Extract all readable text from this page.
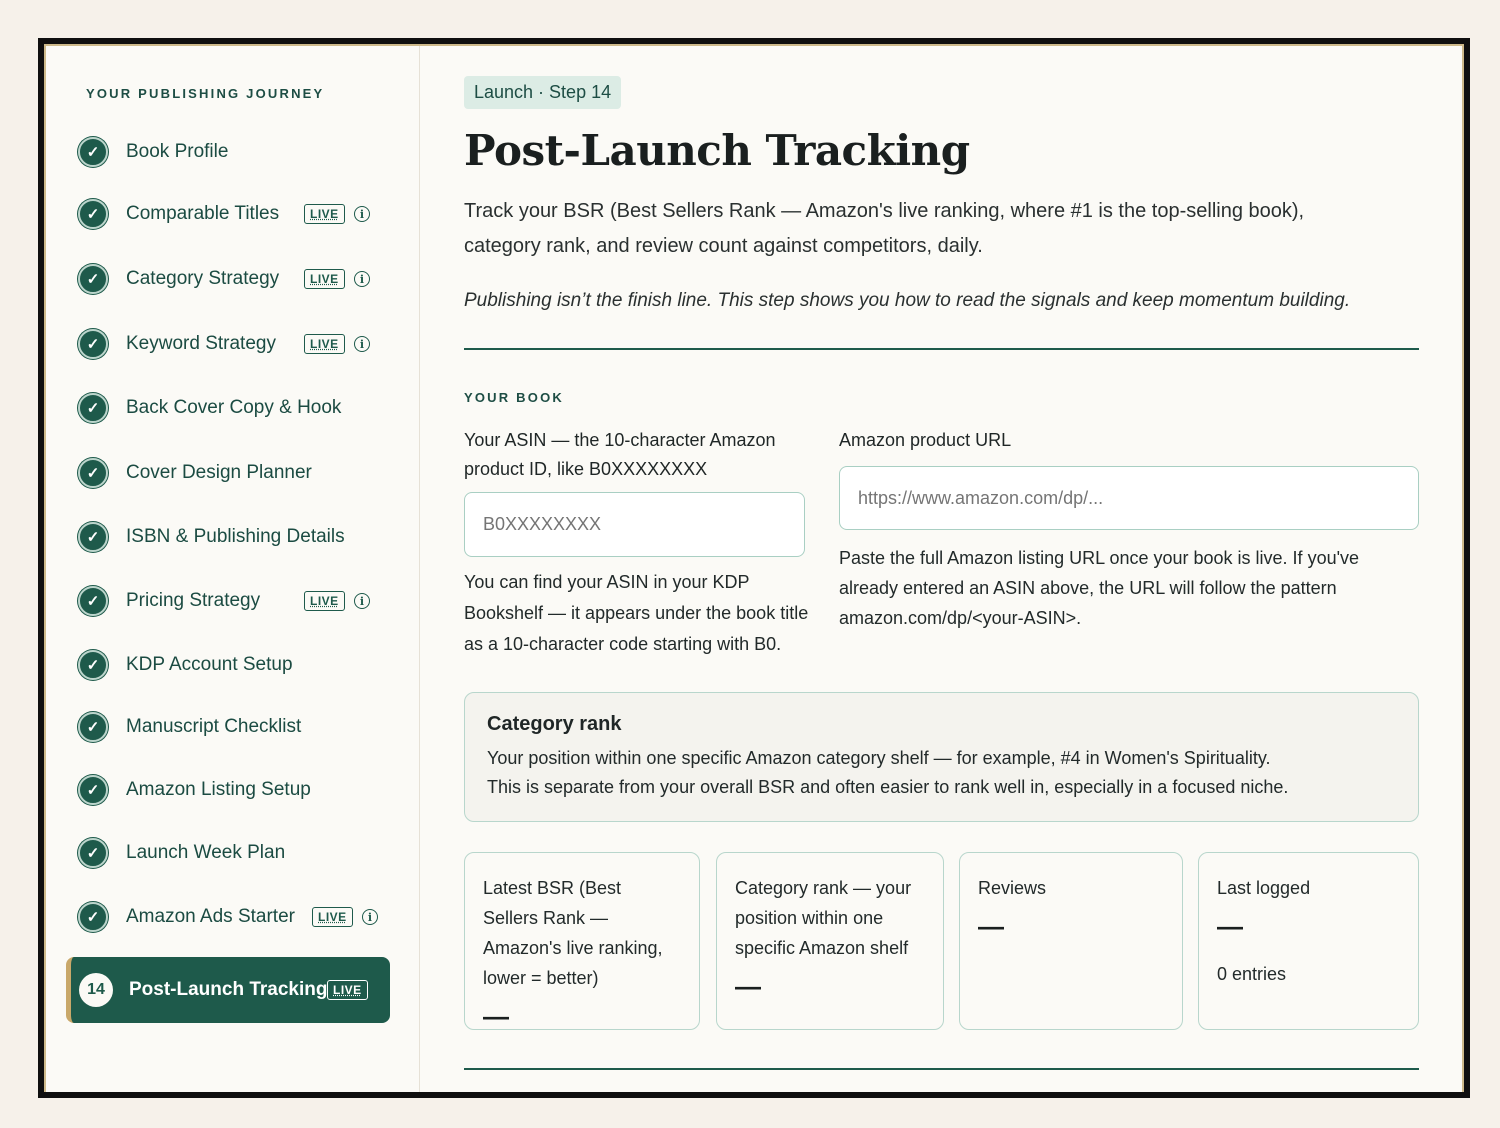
YOUR PUBLISHING JOURNEY
✓	Book Profile
✓	Comparable Titles	LIVE	i
✓	Category Strategy	LIVE	i
✓	Keyword Strategy	LIVE	i
✓	Back Cover Copy & Hook
✓	Cover Design Planner
✓	ISBN & Publishing Details
✓	Pricing Strategy	LIVE	i
✓	KDP Account Setup
✓	Manuscript Checklist
✓	Amazon Listing Setup
✓	Launch Week Plan
✓	Amazon Ads Starter	LIVE	i
14	Post-Launch Tracking LIVE
Launch · Step 14
Post-Launch Tracking

Track your BSR (Best Sellers Rank — Amazon's live ranking, where #1 is the top-selling book), category rank, and review count against competitors, daily.

Publishing isn’t the finish line. This step shows you how to read the signals and keep momentum building.

YOUR BOOK
Your ASIN — the 10-character Amazon product ID, like B0XXXXXXXX
B0XXXXXXXX

You can find your ASIN in your KDP Bookshelf — it appears under the book title as a 10-character code starting with B0.

Amazon product URL
https://www.amazon.com/dp/...

Paste the full Amazon listing URL once your book is live. If you've already entered an ASIN above, the URL will follow the pattern amazon.com/dp/<your-ASIN>.

Category rank

Your position within one specific Amazon category shelf — for example, #4 in Women's Spirituality.

This is separate from your overall BSR and often easier to rank well in, especially in a focused niche.

Latest BSR (Best Sellers Rank — Amazon's live ranking, lower = better)
—
Category rank — your position within one specific Amazon shelf
—
Reviews
—
Last logged
—
0 entries
